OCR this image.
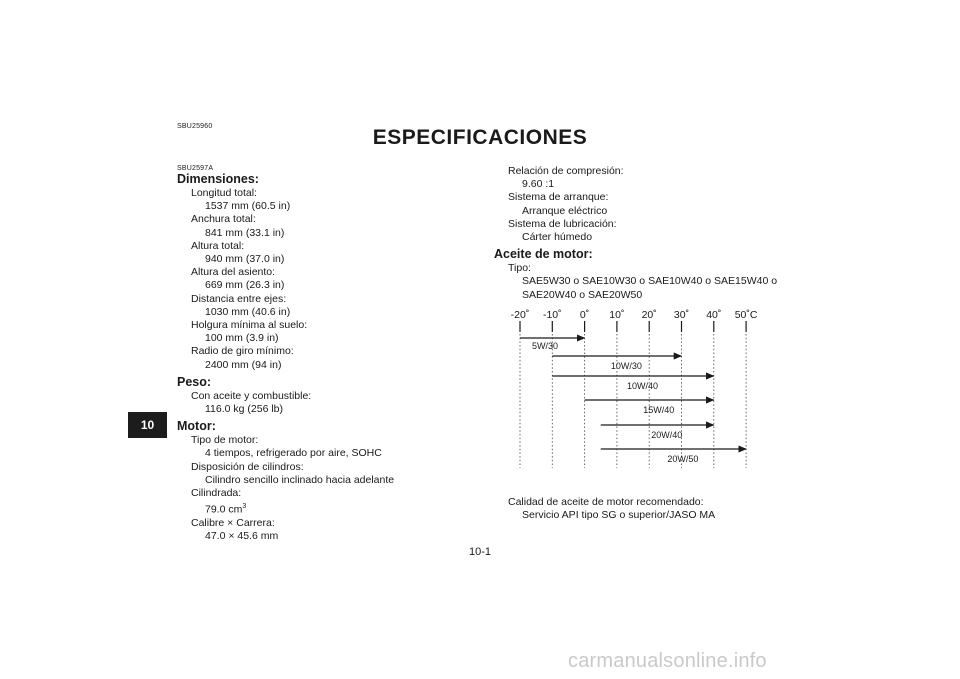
SBU25960	ESPECIFICACIONES
10
SBU2597A
Dimensiones:
Longitud total:
1537 mm (60.5 in)
Anchura total:
841 mm (33.1 in)
Altura total:
940 mm (37.0 in)
Altura del asiento:
669 mm (26.3 in)
Distancia entre ejes:
1030 mm (40.6 in)
Holgura mínima al suelo:
100 mm (3.9 in)
Radio de giro mínimo:
2400 mm (94 in)
Peso:
Con aceite y combustible:
116.0 kg (256 lb)
Motor:
Tipo de motor:
4 tiempos, refrigerado por aire, SOHC
Disposición de cilindros:
Cilindro sencillo inclinado hacia adelante
Cilindrada:
79.0 $cm^3$
Calibre × Carrera:
47.0 × 45.6 mm
Relación de compresión:
9.60 :1
Sistema de arranque:
Arranque eléctrico
Sistema de lubricación:
Cárter húmedo
Aceite de motor:
Tipo:
SAE5W30 o SAE10W30 o SAE10W40 o SAE15W40 o
SAE20W40 o SAE20W50
-20˚ -10˚ 0˚ 10˚ 20˚ 30˚ 40˚ 50˚C
5W/30
10W/30
10W/40
15W/40
20W/40
20W/50
Calidad de aceite de motor recomendado:
Servicio API tipo SG o superior/JASO MA
10-1
carmanualsonline.info
